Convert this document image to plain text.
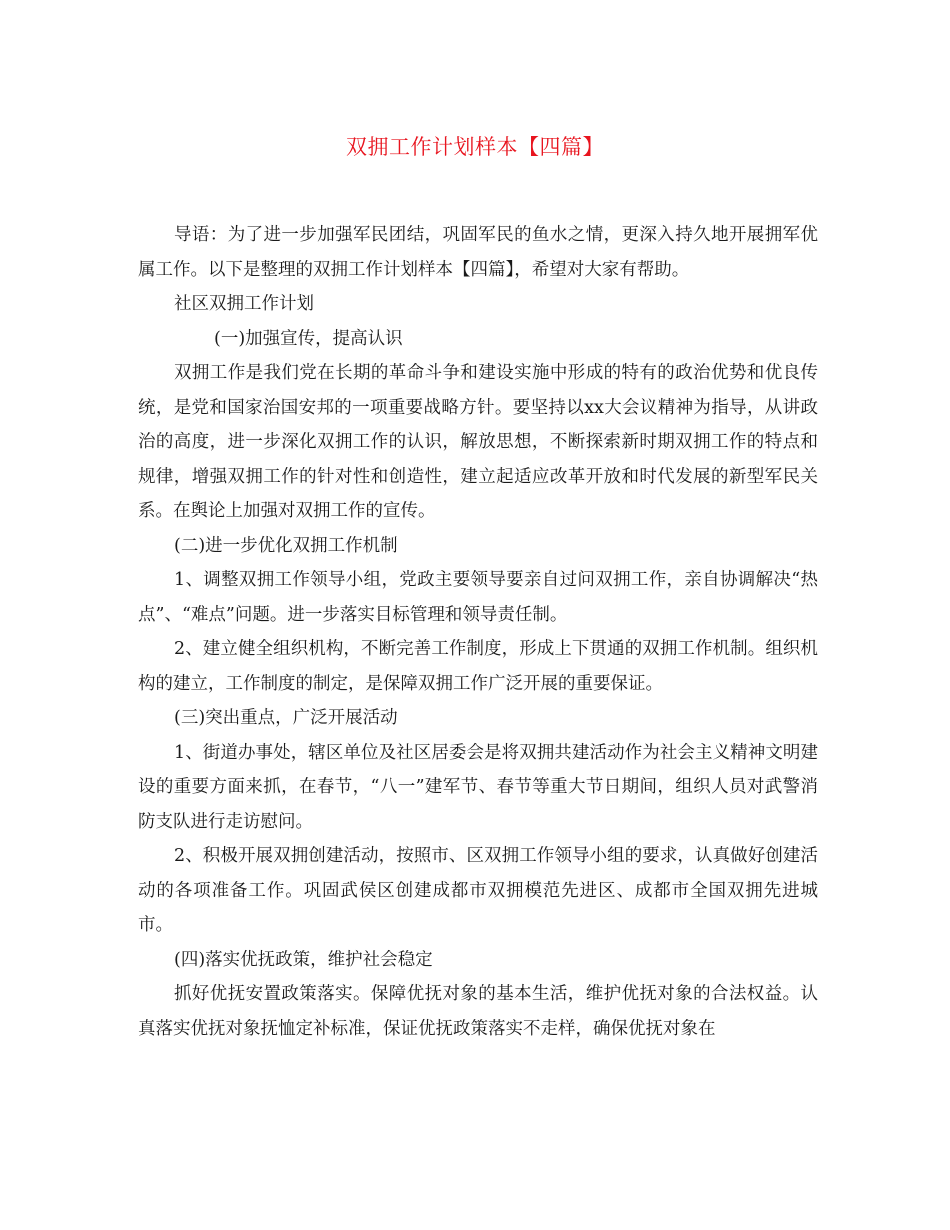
双拥工作计划样本【四篇】

导语：为了进一步加强军民团结，巩固军民的鱼水之情，更深入持久地开展拥军优属工作。以下是整理的双拥工作计划样本【四篇】，希望对大家有帮助。

社区双拥工作计划

(一)加强宣传，提高认识

双拥工作是我们党在长期的革命斗争和建设实施中形成的特有的政治优势和优良传统，是党和国家治国安邦的一项重要战略方针。要坚持以xx大会议精神为指导，从讲政治的高度，进一步深化双拥工作的认识，解放思想，不断探索新时期双拥工作的特点和规律，增强双拥工作的针对性和创造性，建立起适应改革开放和时代发展的新型军民关系。在舆论上加强对双拥工作的宣传。

(二)进一步优化双拥工作机制

1、调整双拥工作领导小组，党政主要领导要亲自过问双拥工作，亲自协调解决“热点”、“难点”问题。进一步落实目标管理和领导责任制。

2、建立健全组织机构，不断完善工作制度，形成上下贯通的双拥工作机制。组织机构的建立，工作制度的制定，是保障双拥工作广泛开展的重要保证。

(三)突出重点，广泛开展活动

1、街道办事处，辖区单位及社区居委会是将双拥共建活动作为社会主义精神文明建设的重要方面来抓，在春节，“八一”建军节、春节等重大节日期间，组织人员对武警消防支队进行走访慰问。

2、积极开展双拥创建活动，按照市、区双拥工作领导小组的要求，认真做好创建活动的各项准备工作。巩固武侯区创建成都市双拥模范先进区、成都市全国双拥先进城市。

(四)落实优抚政策，维护社会稳定

抓好优抚安置政策落实。保障优抚对象的基本生活，维护优抚对象的合法权益。认真落实优抚对象抚恤定补标准，保证优抚政策落实不走样，确保优抚对象在
